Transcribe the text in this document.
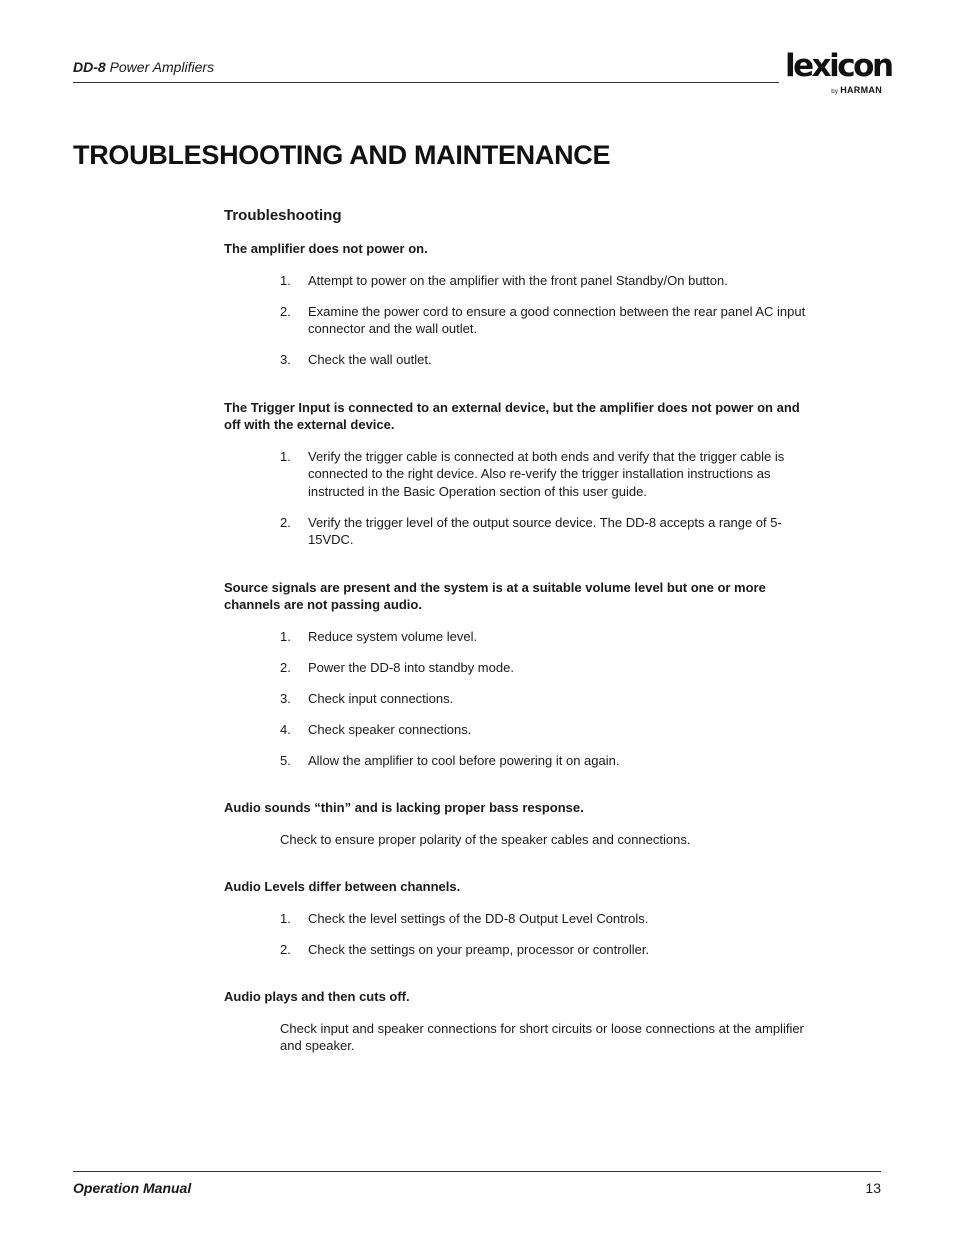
DD-8 Power Amplifiers	lexicon
by HARMAN
TROUBLESHOOTING AND MAINTENANCE
Troubleshooting

The amplifier does not power on.

1. Attempt to power on the amplifier with the front panel Standby/On button.
2. Examine the power cord to ensure a good connection between the rear panel AC input connector and the wall outlet.
3. Check the wall outlet.

The Trigger Input is connected to an external device, but the amplifier does not power on and off with the external device.

1. Verify the trigger cable is connected at both ends and verify that the trigger cable is connected to the right device. Also re-verify the trigger installation instructions as instructed in the Basic Operation section of this user guide.
2. Verify the trigger level of the output source device. The DD-8 accepts a range of 5-15VDC.

Source signals are present and the system is at a suitable volume level but one or more channels are not passing audio.

1. Reduce system volume level.
2. Power the DD-8 into standby mode.
3. Check input connections.
4. Check speaker connections.
5. Allow the amplifier to cool before powering it on again.

Audio sounds “thin” and is lacking proper bass response.

Check to ensure proper polarity of the speaker cables and connections.

Audio Levels differ between channels.

1. Check the level settings of the DD-8 Output Level Controls.
2. Check the settings on your preamp, processor or controller.

Audio plays and then cuts off.

Check input and speaker connections for short circuits or loose connections at the amplifier and speaker.

Operation Manual	13
